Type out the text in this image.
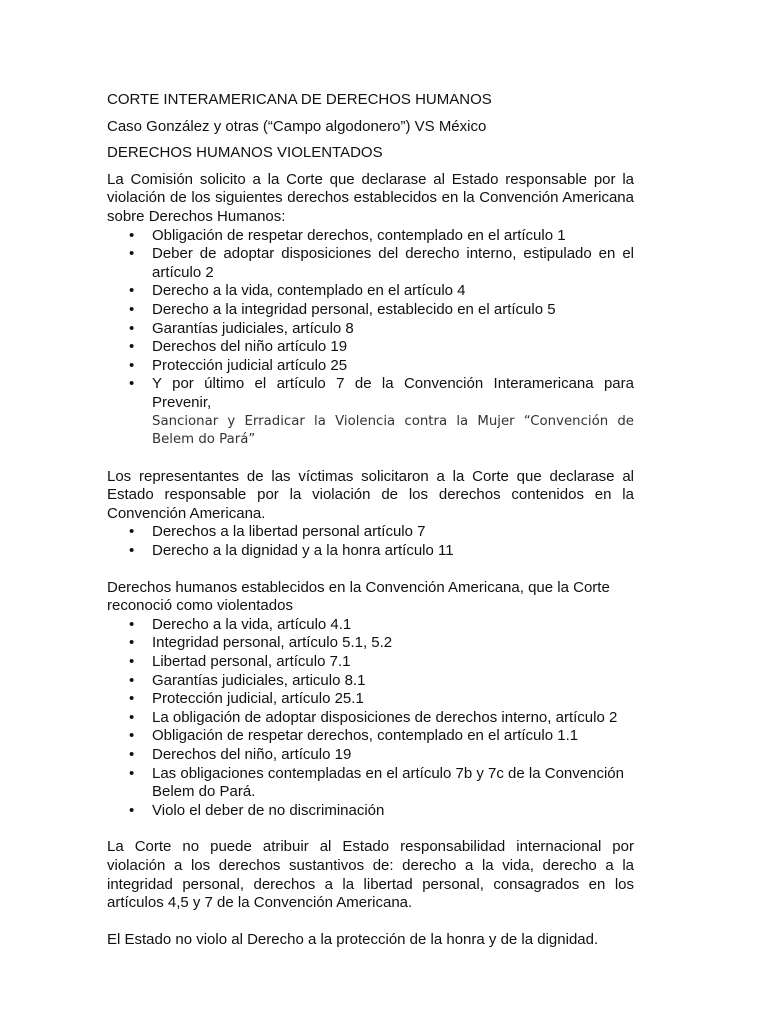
CORTE INTERAMERICANA DE DERECHOS HUMANOS

Caso González y otras (“Campo algodonero”) VS México

DERECHOS HUMANOS VIOLENTADOS

La Comisión solicito a la Corte que declarase al Estado responsable por la violación de los siguientes derechos establecidos en la Convención Americana sobre Derechos Humanos:

• Obligación de respetar derechos, contemplado en el artículo 1
• Deber de adoptar disposiciones del derecho interno, estipulado en el artículo 2
• Derecho a la vida, contemplado en el artículo 4
• Derecho a la integridad personal, establecido en el artículo 5
• Garantías judiciales, artículo 8
• Derechos del niño artículo 19
• Protección judicial artículo 25
• Y por último el artículo 7 de la Convención Interamericana para Prevenir,
Sancionar y Erradicar la Violencia contra la Mujer “Convención de Belem do Pará”

Los representantes de las víctimas solicitaron a la Corte que declarase al Estado responsable por la violación de los derechos contenidos en la Convención Americana.

• Derechos a la libertad personal artículo 7
• Derecho a la dignidad y a la honra artículo 11

Derechos humanos establecidos en la Convención Americana, que la Corte reconoció como violentados

• Derecho a la vida, artículo 4.1
• Integridad personal, artículo 5.1, 5.2
• Libertad personal, artículo 7.1
• Garantías judiciales, articulo 8.1
• Protección judicial, artículo 25.1
• La obligación de adoptar disposiciones de derechos interno, artículo 2
• Obligación de respetar derechos, contemplado en el artículo 1.1
• Derechos del niño, artículo 19
• Las obligaciones contempladas en el artículo 7b y 7c de la Convención Belem do Pará.
• Violo el deber de no discriminación

La Corte no puede atribuir al Estado responsabilidad internacional por violación a los derechos sustantivos de: derecho a la vida, derecho a la integridad personal, derechos a la libertad personal, consagrados en los artículos 4,5 y 7 de la Convención Americana.

El Estado no violo al Derecho a la protección de la honra y de la dignidad.
